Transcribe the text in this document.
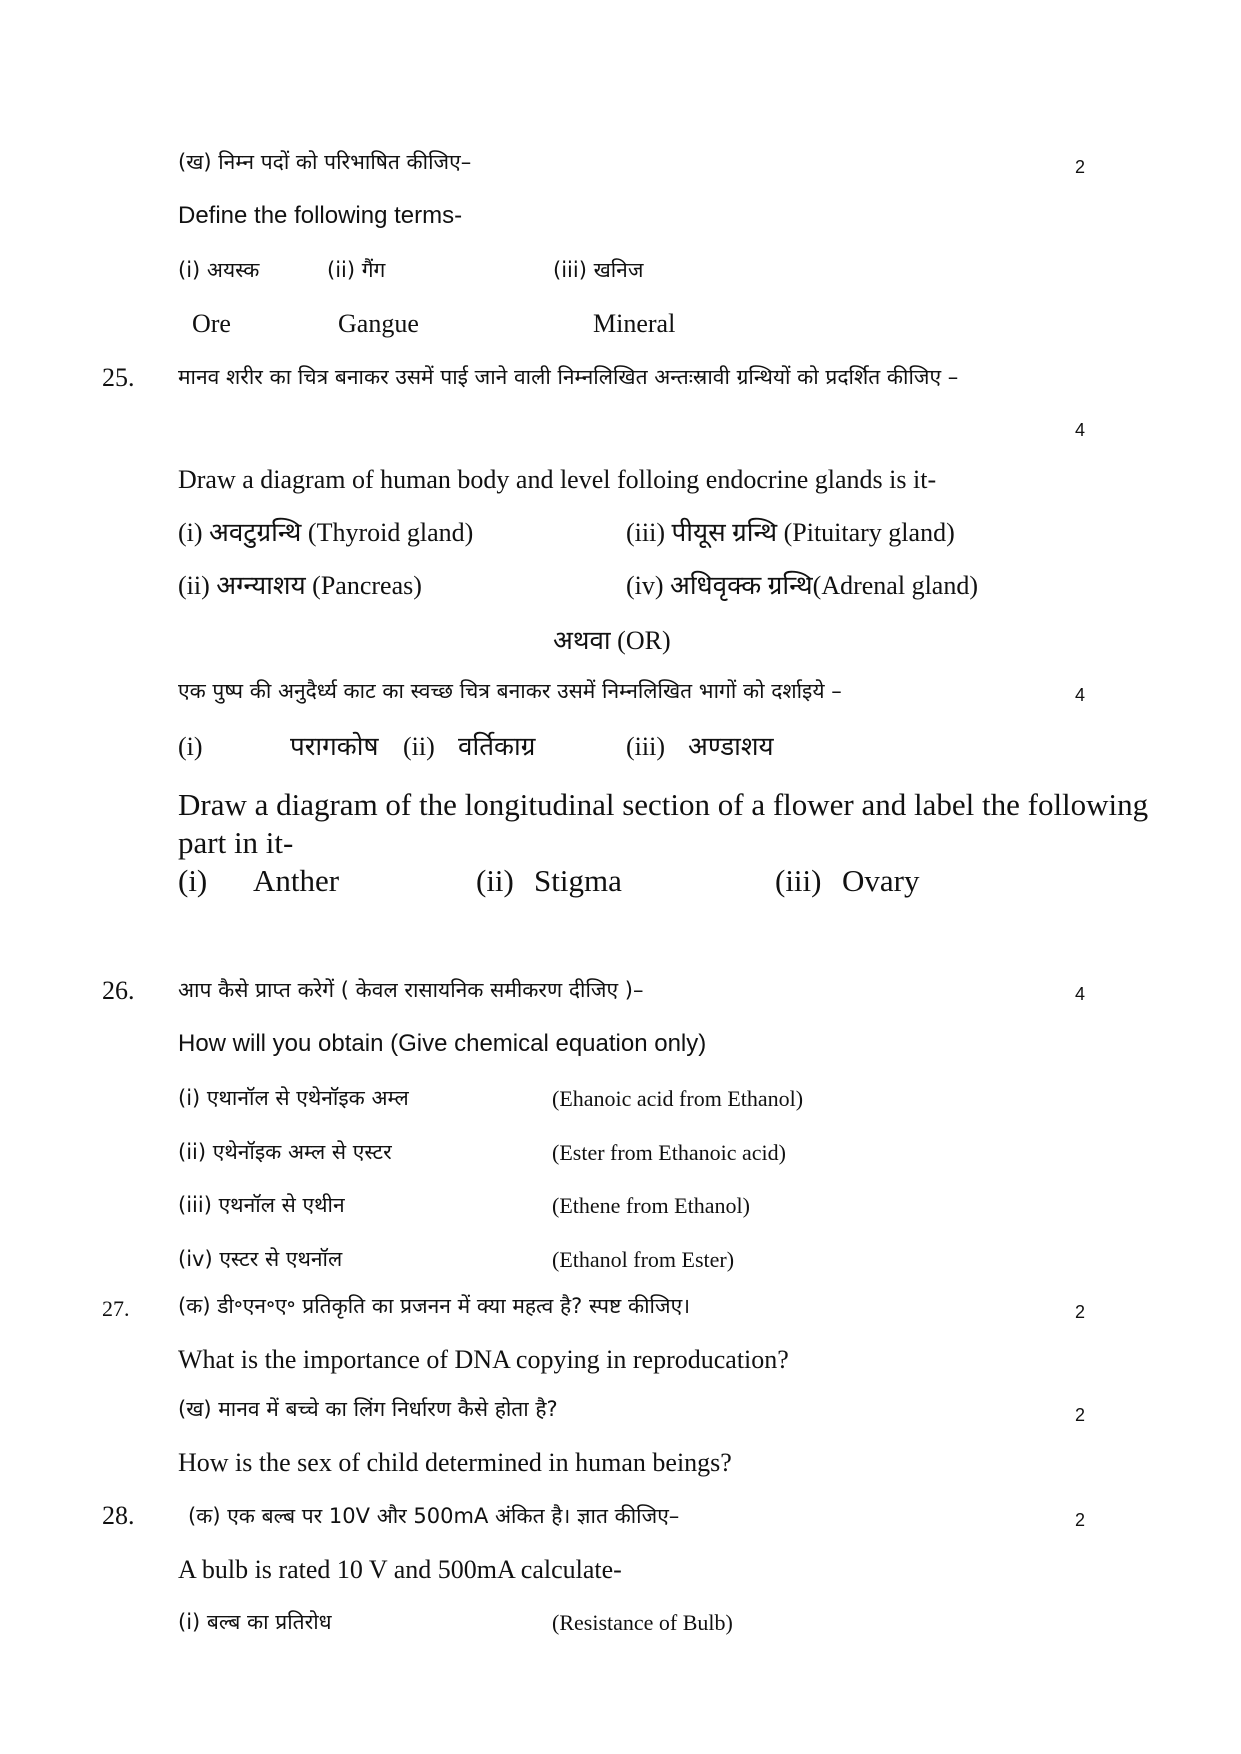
(ख) निम्न पदों को परिभाषित कीजिए–	2
Define the following terms-
(i) अयस्क	(ii) गैंग	(iii) खनिज
Ore	Gangue	Mineral
25. मानव शरीर का चित्र बनाकर उसमें पाई जाने वाली निम्नलिखित अन्तःस्रावी ग्रन्थियों को प्रदर्शित कीजिए –
4
Draw a diagram of human body and level folloing endocrine glands is it-
(i) अवटुग्रन्थि (Thyroid gland)	(iii) पीयूस ग्रन्थि (Pituitary gland)
(ii) अग्न्याशय (Pancreas)	(iv) अधिवृक्क ग्रन्थि(Adrenal gland)
अथवा (OR)
एक पुष्प की अनुदैर्ध्य काट का स्वच्छ चित्र बनाकर उसमें निम्नलिखित भागों को दर्शाइये –	4
(i)	परागकोष (ii) वर्तिकाग्र	(iii) अण्डाशय
Draw a diagram of the longitudinal section of a flower and label the following
part in it-
(i) Anther	(ii) Stigma	(iii) Ovary
26. आप कैसे प्राप्त करेगें ( केवल रासायनिक समीकरण दीजिए )–	4
How will you obtain (Give chemical equation only)
(i) एथानॉल से एथेनॉइक अम्ल	(Ehanoic acid from Ethanol)
(ii) एथेनॉइक अम्ल से एस्टर	(Ester from Ethanoic acid)
(iii) एथनॉल से एथीन	(Ethene from Ethanol)
(iv) एस्टर से एथनॉल	(Ethanol from Ester)
27. (क) डी॰एन॰ए॰ प्रतिकृति का प्रजनन में क्या महत्व है? स्पष्ट कीजिए।	2
What is the importance of DNA copying in reproducation?
(ख) मानव में बच्चे का लिंग निर्धारण कैसे होता है?	2
How is the sex of child determined in human beings?
28.	(क) एक बल्ब पर 10V और 500mA अंकित है। ज्ञात कीजिए–	2
A bulb is rated 10 V and 500mA calculate-
(i) बल्ब का प्रतिरोध	(Resistance of Bulb)
